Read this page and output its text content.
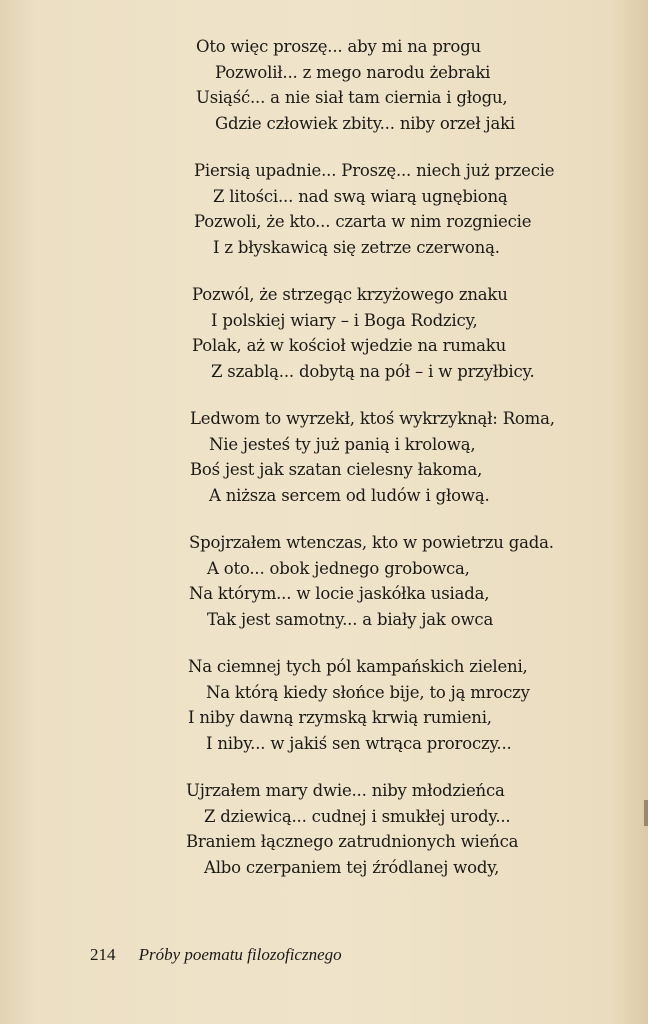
Oto więc proszę... aby mi na progu
Pozwolił... z mego narodu żebraki
Usiąść... a nie siał tam ciernia i głogu,
Gdzie człowiek zbity... niby orzeł jaki
Piersią upadnie... Proszę... niech już przecie
Z litości... nad swą wiarą ugnębioną
Pozwoli, że kto... czarta w nim rozgniecie
I z błyskawicą się zetrze czerwoną.
Pozwól, że strzegąc krzyżowego znaku
I polskiej wiary – i Boga Rodzicy,
Polak, aż w kościoł wjedzie na rumaku
Z szablą... dobytą na pół – i w przyłbicy.
Ledwom to wyrzekł, ktoś wykrzyknął: Roma,
Nie jesteś ty już panią i krolową,
Boś jest jak szatan cielesny łakoma,
A niższa sercem od ludów i głową.
Spojrzałem wtenczas, kto w powietrzu gada.
A oto... obok jednego grobowca,
Na którym... w locie jaskółka usiada,
Tak jest samotny... a biały jak owca
Na ciemnej tych pól kampańskich zieleni,
Na którą kiedy słońce bije, to ją mroczy
I niby dawną rzymską krwią rumieni,
I niby... w jakiś sen wtrąca proroczy...
Ujrzałem mary dwie... niby młodzieńca
Z dziewicą... cudnej i smukłej urody...
Braniem łącznego zatrudnionych wieńca
Albo czerpaniem tej źródlanej wody,
214 Próby poematu filozoficznego
